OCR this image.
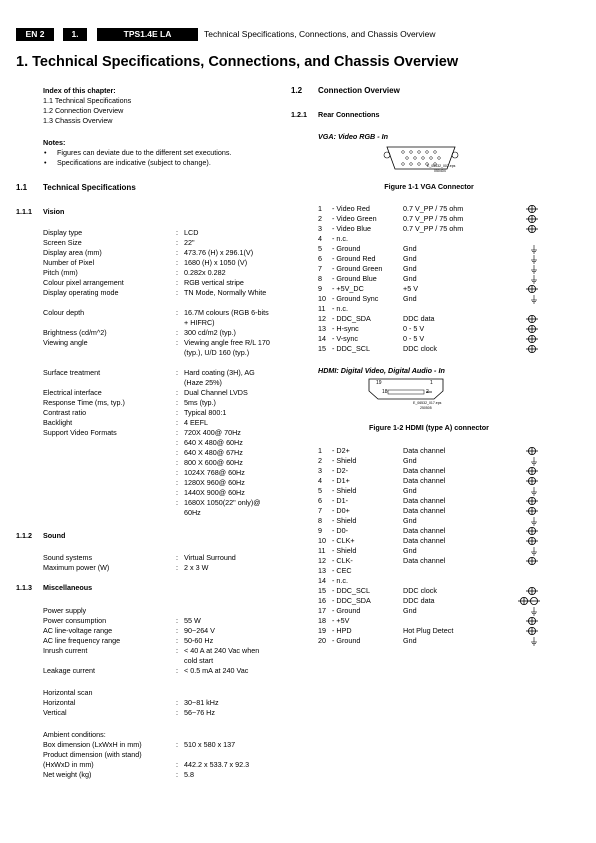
EN 2	1.	TPS1.4E LA	Technical Specifications, Connections, and Chassis Overview
1. Technical Specifications, Connections, and Chassis Overview
Index of this chapter:
1.1 Technical Specifications
1.2 Connection Overview
1.3 Chassis Overview
Notes:
• Figures can deviate due to the different set executions.
• Specifications are indicative (subject to change).
1.1 Technical Specifications
1.1.1 Vision
Display type	: LCD
Screen Size	: 22"
Display area (mm)	: 473.76 (H) x 296.1(V)
Number of Pixel	: 1680 (H) x 1050 (V)
Pitch (mm)	: 0.282x 0.282
Colour pixel arrangement	: RGB vertical stripe
Display operating mode	: TN Mode, Normally White
Colour depth	: 16.7M colours (RGB 6-bits + HIFRC)
Brightness (cd/m^2)	: 300 cd/m2 (typ.)
Viewing angle	: Viewing angle free R/L 170 (typ.), U/D 160 (typ.)
Surface treatment	: Hard coating (3H), AG (Haze 25%)
Electrical interface	: Dual Channel LVDS
Response Time (ms, typ.)	: 5ms (typ.)
Contrast ratio	: Typical 800:1
Backlight	: 4 EEFL
Support Video Formats	: 720X 400@ 70Hz
: 640 X 480@ 60Hz
: 640 X 480@ 67Hz
: 800 X 600@ 60Hz
: 1024X 768@ 60Hz
: 1280X 960@ 60Hz
: 1440X 900@ 60Hz
: 1680X 1050(22" only)@ 60Hz
1.1.2 Sound
Sound systems	: Virtual Surround
Maximum power (W)	: 2 x 3 W
1.1.3 Miscellaneous
Power supply
Power consumption	: 55 W
AC line-voltage range	: 90~264 V
AC line frequency range	: 50-60 Hz
Inrush current	: < 40 A at 240 Vac when cold start
Leakage current	: < 0.5 mA at 240 Vac
Horizontal scan
Horizontal	: 30~81 kHz
Vertical	: 56~76 Hz
Ambient conditions:
Box dimension (LxWxH in mm)	: 510 x 580 x 137
Product dimension (with stand)
(HxWxD in mm)	: 442.2 x 533.7 x 92.3
Net weight (kg)	: 5.8
1.2 Connection Overview
1.2.1 Rear Connections
VGA: Video RGB - In
E_06532_002.eps
050404
Figure 1-1 VGA Connector
1	- Video Red	0.7 V_PP / 75 ohm
2	- Video Green	0.7 V_PP / 75 ohm
3	- Video Blue	0.7 V_PP / 75 ohm
4	- n.c.
5	- Ground	Gnd
6	- Ground Red	Gnd
7	- Ground Green	Gnd
8	- Ground Blue	Gnd
9	- +5V_DC	+5 V
10 - Ground Sync	Gnd
11 - n.c.
12 - DDC_SDA	DDC data
13 - H-sync	0 - 5 V
14 - V-sync	0 - 5 V
15 - DDC_SCL	DDC clock
HDMI: Digital Video, Digital Audio - In
19	1
18	2
E_06532_017.eps
250505
Figure 1-2 HDMI (type A) connector
1	- D2+	Data channel
2	- Shield	Gnd
3	- D2-	Data channel
4	- D1+	Data channel
5	- Shield	Gnd
6	- D1-	Data channel
7	- D0+	Data channel
8	- Shield	Gnd
9	- D0-	Data channel
10 - CLK+	Data channel
11 - Shield	Gnd
12 - CLK-	Data channel
13 - CEC
14 - n.c.
15 - DDC_SCL	DDC clock
16 - DDC_SDA	DDC data
17 - Ground	Gnd
18 - +5V
19 - HPD	Hot Plug Detect
20 - Ground	Gnd
